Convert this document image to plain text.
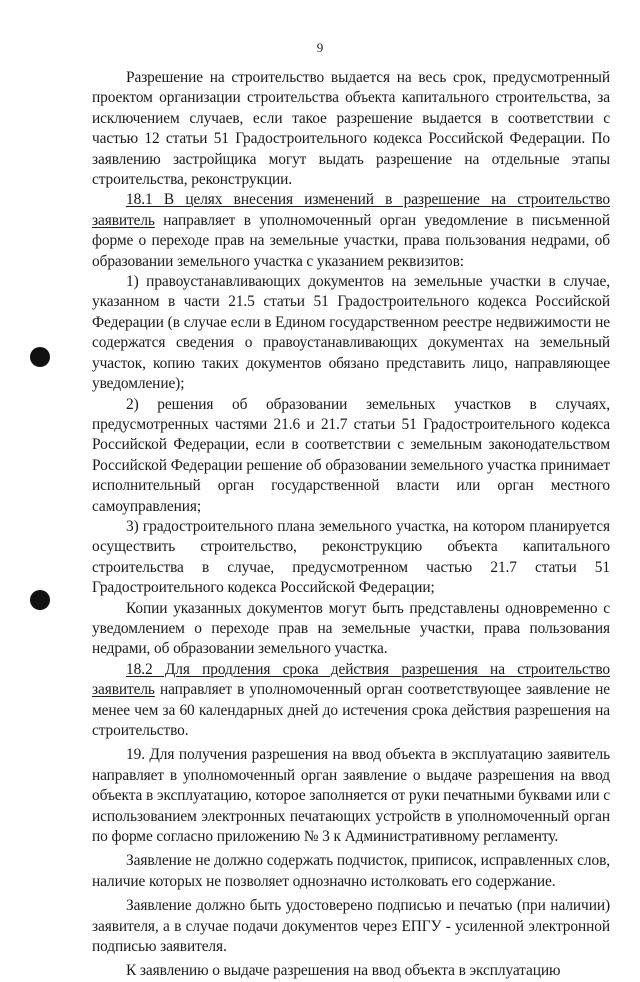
9

Разрешение на строительство выдается на весь срок, предусмотренный проектом организации строительства объекта капитального строительства, за исключением случаев, если такое разрешение выдается в соответствии с частью 12 статьи 51 Градостроительного кодекса Российской Федерации. По заявлению застройщика могут выдать разрешение на отдельные этапы строительства, реконструкции.

18.1 В целях внесения изменений в разрешение на строительство заявитель направляет в уполномоченный орган уведомление в письменной форме о переходе прав на земельные участки, права пользования недрами, об образовании земельного участка с указанием реквизитов:

1) правоустанавливающих документов на земельные участки в случае, указанном в части 21.5 статьи 51 Градостроительного кодекса Российской Федерации (в случае если в Едином государственном реестре недвижимости не содержатся сведения о правоустанавливающих документах на земельный участок, копию таких документов обязано представить лицо, направляющее уведомление);

2) решения об образовании земельных участков в случаях, предусмотренных частями 21.6 и 21.7 статьи 51 Градостроительного кодекса Российской Федерации, если в соответствии с земельным законодательством Российской Федерации решение об образовании земельного участка принимает исполнительный орган государственной власти или орган местного самоуправления;

3) градостроительного плана земельного участка, на котором планируется осуществить строительство, реконструкцию объекта капитального строительства в случае, предусмотренном частью 21.7 статьи 51 Градостроительного кодекса Российской Федерации;

Копии указанных документов могут быть представлены одновременно с уведомлением о переходе прав на земельные участки, права пользования недрами, об образовании земельного участка.

18.2 Для продления срока действия разрешения на строительство заявитель направляет в уполномоченный орган соответствующее заявление не менее чем за 60 календарных дней до истечения срока действия разрешения на строительство.

19. Для получения разрешения на ввод объекта в эксплуатацию заявитель направляет в уполномоченный орган заявление о выдаче разрешения на ввод объекта в эксплуатацию, которое заполняется от руки печатными буквами или с использованием электронных печатающих устройств в уполномоченный орган по форме согласно приложению № 3 к Административному регламенту.

Заявление не должно содержать подчисток, приписок, исправленных слов, наличие которых не позволяет однозначно истолковать его содержание.

Заявление должно быть удостоверено подписью и печатью (при наличии) заявителя, а в случае подачи документов через ЕПГУ - усиленной электронной подписью заявителя.

К заявлению о выдаче разрешения на ввод объекта в эксплуатацию
